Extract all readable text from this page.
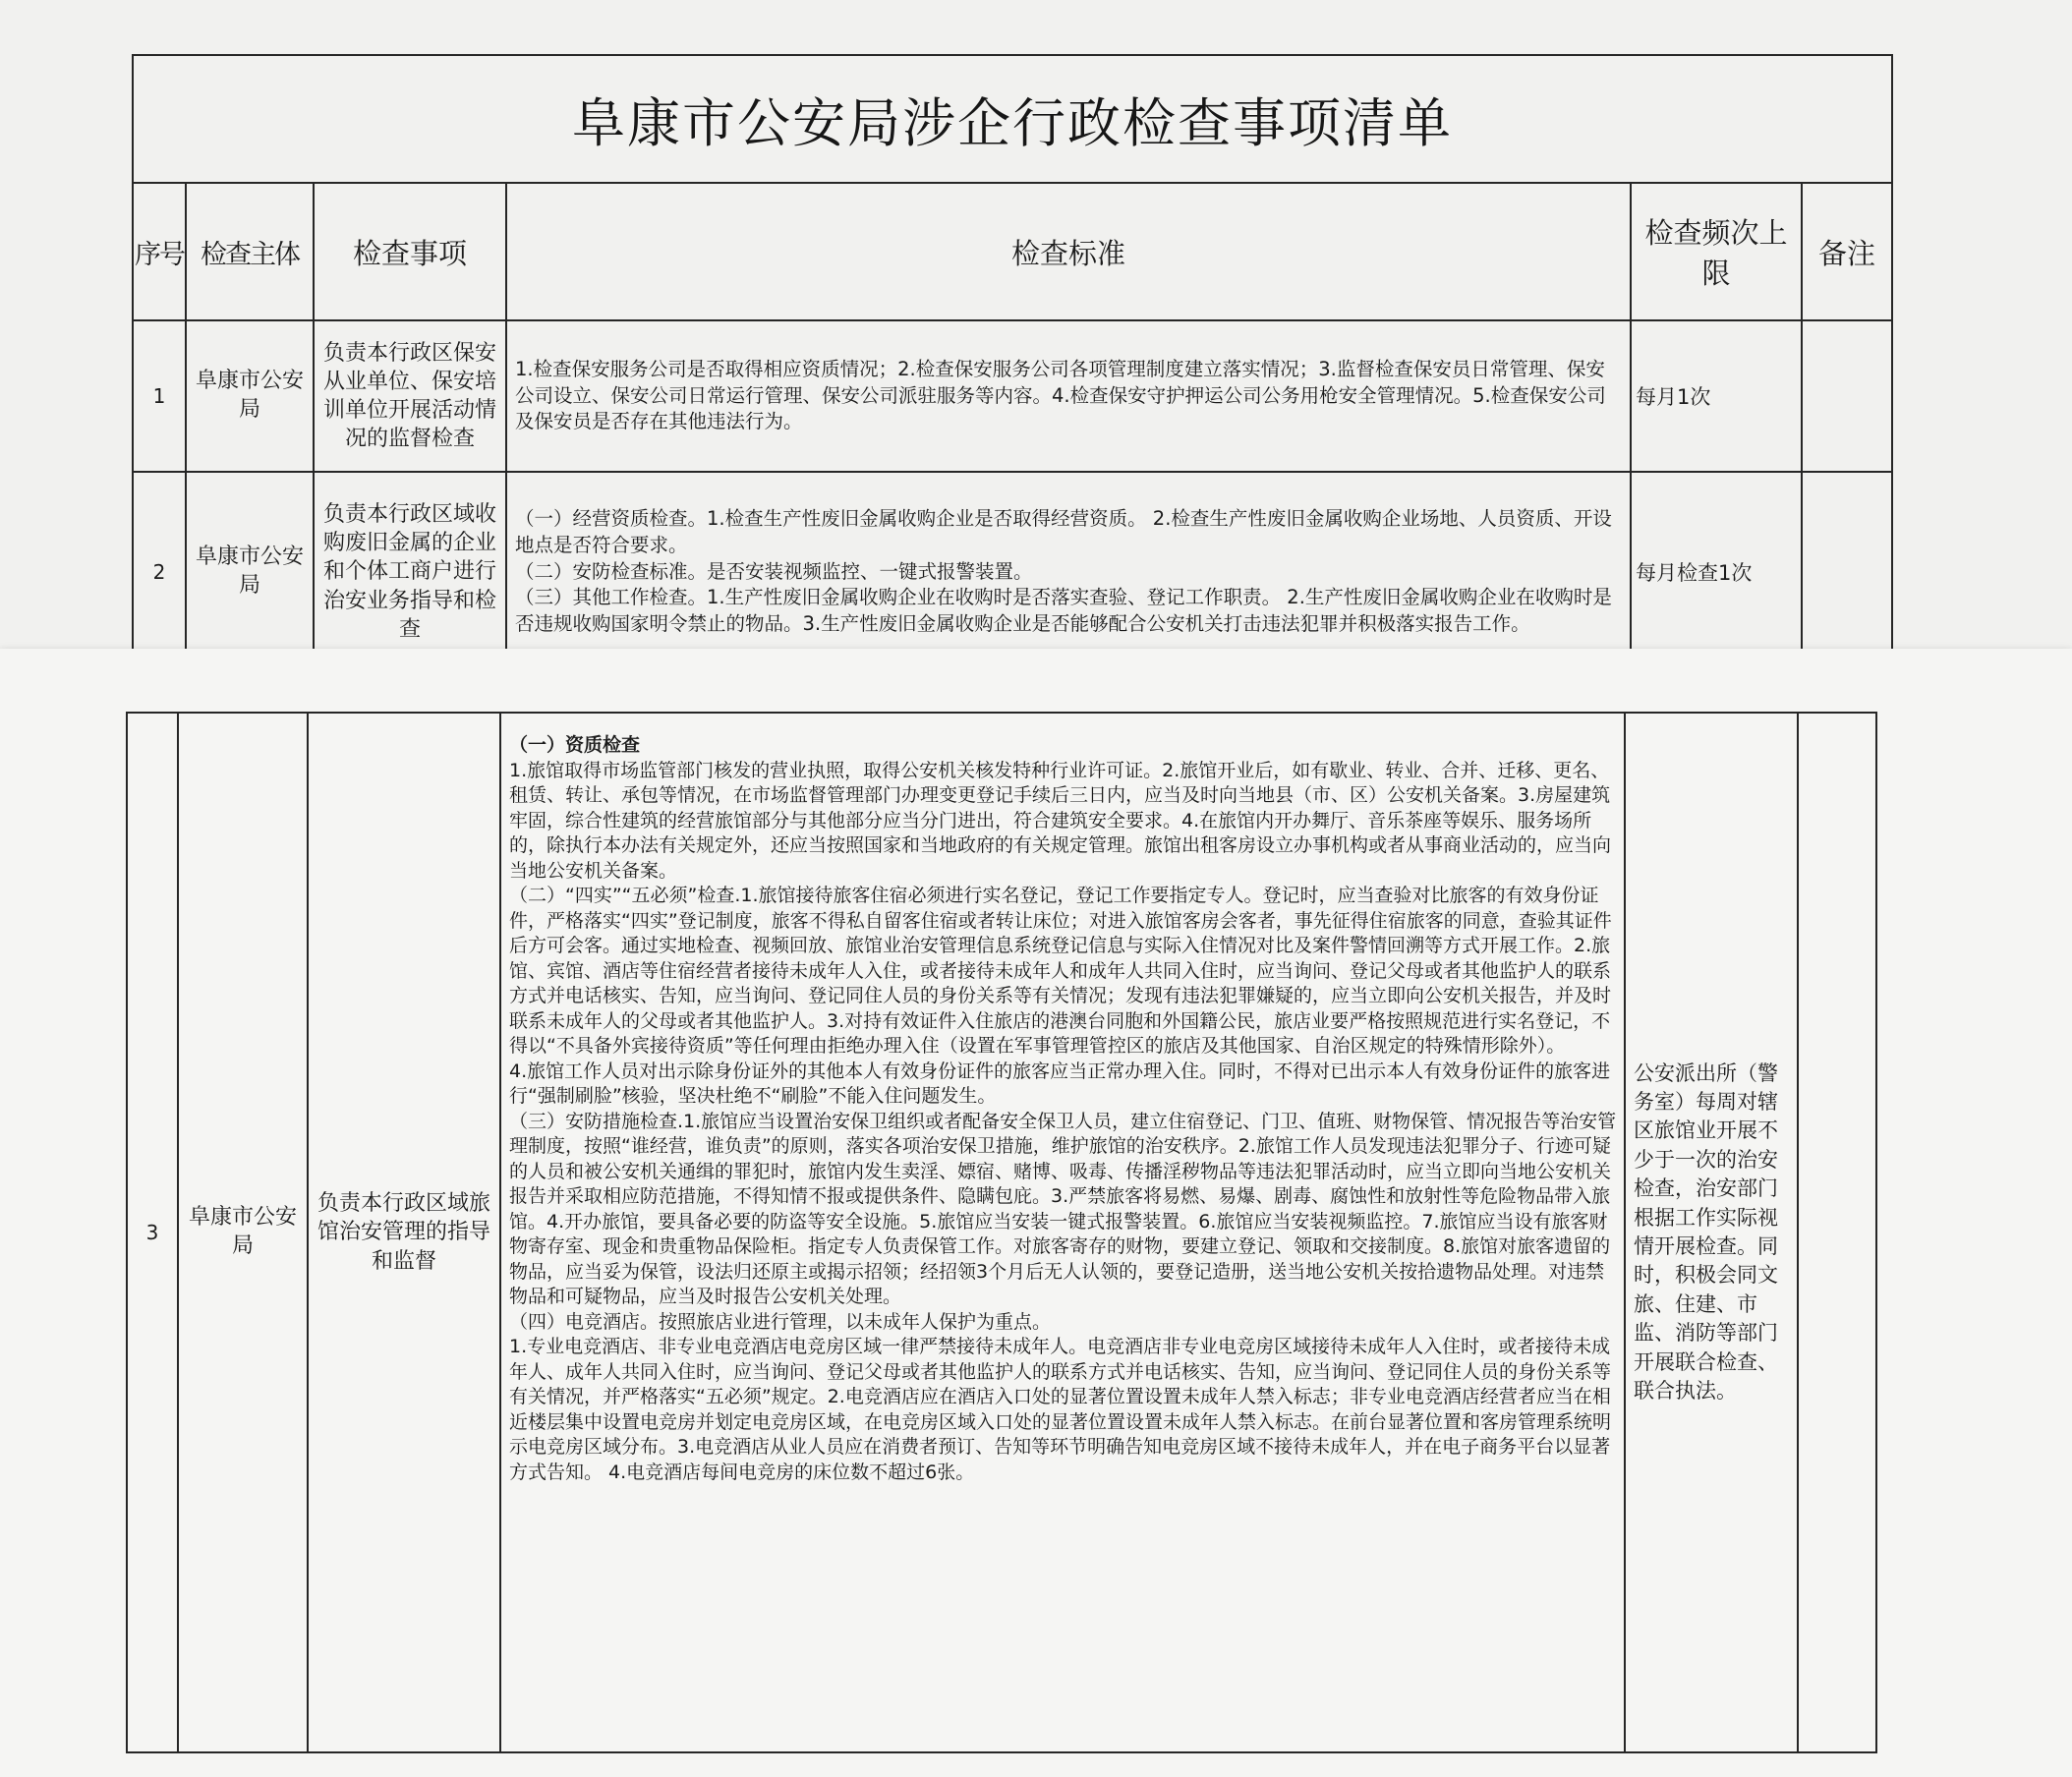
阜康市公安局涉企行政检查事项清单					
序号	检查主体	检查事项	检查标准	检查频次上限	备注
1	阜康市公安局	负责本行政区保安从业单位、保安培训单位开展活动情况的监督检查	1.检查保安服务公司是否取得相应资质情况；2.检查保安服务公司各项管理制度建立落实情况；3.监督检查保安员日常管理、保安公司设立、保安公司日常运行管理、保安公司派驻服务等内容。4.检查保安守护押运公司公务用枪安全管理情况。5.检查保安公司及保安员是否存在其他违法行为。	每月1次	
2	阜康市公安局	负责本行政区域收购废旧金属的企业和个体工商户进行治安业务指导和检查	（一）经营资质检查。1.检查生产性废旧金属收购企业是否取得经营资质。 2.检查生产性废旧金属收购企业场地、人员资质、开设地点是否符合要求。

（二）安防检查标准。是否安装视频监控、一键式报警装置。

（三）其他工作检查。1.生产性废旧金属收购企业在收购时是否落实查验、登记工作职责。 2.生产性废旧金属收购企业在收购时是否违规收购国家明令禁止的物品。3.生产性废旧金属收购企业是否能够配合公安机关打击违法犯罪并积极落实报告工作。	每月检查1次	
3	阜康市公安局	负责本行政区域旅馆治安管理的指导和监督	

（一）资质检查

1.旅馆取得市场监管部门核发的营业执照，取得公安机关核发特种行业许可证。2.旅馆开业后，如有歇业、转业、合并、迁移、更名、租赁、转让、承包等情况，在市场监督管理部门办理变更登记手续后三日内，应当及时向当地县（市、区）公安机关备案。3.房屋建筑牢固，综合性建筑的经营旅馆部分与其他部分应当分门进出，符合建筑安全要求。4.在旅馆内开办舞厅、音乐茶座等娱乐、服务场所的，除执行本办法有关规定外，还应当按照国家和当地政府的有关规定管理。旅馆出租客房设立办事机构或者从事商业活动的，应当向当地公安机关备案。

（二）“四实”“五必须”检查.1.旅馆接待旅客住宿必须进行实名登记，登记工作要指定专人。登记时，应当查验对比旅客的有效身份证件，严格落实“四实”登记制度，旅客不得私自留客住宿或者转让床位；对进入旅馆客房会客者，事先征得住宿旅客的同意，查验其证件后方可会客。通过实地检查、视频回放、旅馆业治安管理信息系统登记信息与实际入住情况对比及案件警情回溯等方式开展工作。2.旅馆、宾馆、酒店等住宿经营者接待未成年人入住，或者接待未成年人和成年人共同入住时，应当询问、登记父母或者其他监护人的联系方式并电话核实、告知，应当询问、登记同住人员的身份关系等有关情况；发现有违法犯罪嫌疑的，应当立即向公安机关报告，并及时联系未成年人的父母或者其他监护人。3.对持有效证件入住旅店的港澳台同胞和外国籍公民，旅店业要严格按照规范进行实名登记，不得以“不具备外宾接待资质”等任何理由拒绝办理入住（设置在军事管理管控区的旅店及其他国家、自治区规定的特殊情形除外）。

4.旅馆工作人员对出示除身份证外的其他本人有效身份证件的旅客应当正常办理入住。同时，不得对已出示本人有效身份证件的旅客进行“强制刷脸”核验，坚决杜绝不“刷脸”不能入住问题发生。

（三）安防措施检查.1.旅馆应当设置治安保卫组织或者配备安全保卫人员，建立住宿登记、门卫、值班、财物保管、情况报告等治安管理制度，按照“谁经营，谁负责”的原则，落实各项治安保卫措施，维护旅馆的治安秩序。2.旅馆工作人员发现违法犯罪分子、行迹可疑的人员和被公安机关通缉的罪犯时，旅馆内发生卖淫、嫖宿、赌博、吸毒、传播淫秽物品等违法犯罪活动时，应当立即向当地公安机关报告并采取相应防范措施，不得知情不报或提供条件、隐瞒包庇。3.严禁旅客将易燃、易爆、剧毒、腐蚀性和放射性等危险物品带入旅馆。4.开办旅馆，要具备必要的防盗等安全设施。5.旅馆应当安装一键式报警装置。6.旅馆应当安装视频监控。7.旅馆应当设有旅客财物寄存室、现金和贵重物品保险柜。指定专人负责保管工作。对旅客寄存的财物，要建立登记、领取和交接制度。8.旅馆对旅客遗留的物品，应当妥为保管，设法归还原主或揭示招领；经招领3个月后无人认领的，要登记造册，送当地公安机关按拾遗物品处理。对违禁物品和可疑物品，应当及时报告公安机关处理。

（四）电竞酒店。按照旅店业进行管理，以未成年人保护为重点。

1.专业电竞酒店、非专业电竞酒店电竞房区域一律严禁接待未成年人。电竞酒店非专业电竞房区域接待未成年人入住时，或者接待未成年人、成年人共同入住时，应当询问、登记父母或者其他监护人的联系方式并电话核实、告知，应当询问、登记同住人员的身份关系等有关情况，并严格落实“五必须”规定。2.电竞酒店应在酒店入口处的显著位置设置未成年人禁入标志；非专业电竞酒店经营者应当在相近楼层集中设置电竞房并划定电竞房区域，在电竞房区域入口处的显著位置设置未成年人禁入标志。在前台显著位置和客房管理系统明示电竞房区域分布。3.电竞酒店从业人员应在消费者预订、告知等环节明确告知电竞房区域不接待未成年人，并在电子商务平台以显著方式告知。 4.电竞酒店每间电竞房的床位数不超过6张。

	公安派出所（警务室）每周对辖区旅馆业开展不少于一次的治安检查，治安部门根据工作实际视情开展检查。同时，积极会同文旅、住建、市监、消防等部门开展联合检查、联合执法。	
